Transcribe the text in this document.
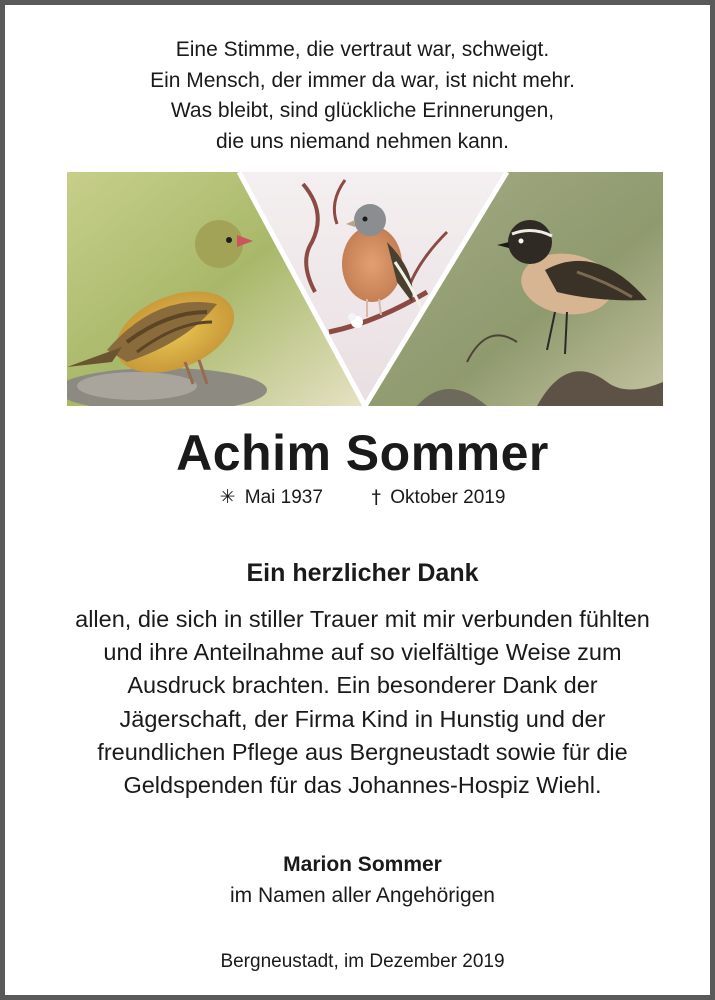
Eine Stimme, die vertraut war, schweigt.
Ein Mensch, der immer da war, ist nicht mehr.
Was bleibt, sind glückliche Erinnerungen,
die uns niemand nehmen kann.
Achim Sommer
✳ Mai 1937	† Oktober 2019
Ein herzlicher Dank
allen, die sich in stiller Trauer mit mir verbunden fühlten
und ihre Anteilnahme auf so vielfältige Weise zum
Ausdruck brachten. Ein besonderer Dank der
Jägerschaft, der Firma Kind in Hunstig und der
freundlichen Pflege aus Bergneustadt sowie für die
Geldspenden für das Johannes-Hospiz Wiehl.
Marion Sommer
im Namen aller Angehörigen
Bergneustadt, im Dezember 2019
